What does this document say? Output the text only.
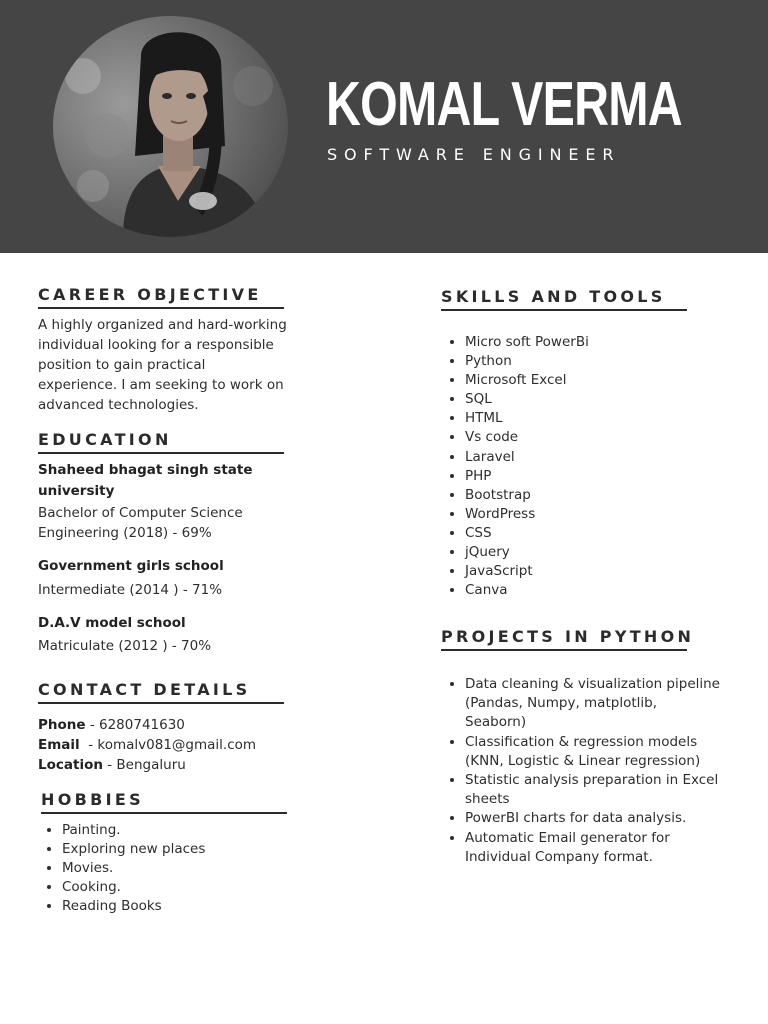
KOMAL VERMA
SOFTWARE ENGINEER
CAREER OBJECTIVE
A highly organized and hard-working individual looking for a responsible position to gain practical experience. I am seeking to work on advanced technologies.
EDUCATION
Shaheed bhagat singh state university
Bachelor of Computer Science Engineering (2018) - 69%
Government girls school
Intermediate (2014 ) - 71%
D.A.V model school
Matriculate (2012 ) - 70%
CONTACT DETAILS
Phone - 6280741630
Email  - komalv081@gmail.com
Location - Bengaluru
HOBBIES
• Painting.
• Exploring new places
• Movies.
• Cooking.
• Reading Books
SKILLS AND TOOLS
• Micro soft PowerBi
• Python
• Microsoft Excel
• SQL
• HTML
• Vs code
• Laravel
• PHP
• Bootstrap
• WordPress
• CSS
• jQuery
• JavaScript
• Canva
PROJECTS IN PYTHON
• Data cleaning & visualization pipeline (Pandas, Numpy, matplotlib, Seaborn)
• Classification & regression models (KNN, Logistic & Linear regression)
• Statistic analysis preparation in Excel sheets
• PowerBI charts for data analysis.
• Automatic Email generator for Individual Company format.
